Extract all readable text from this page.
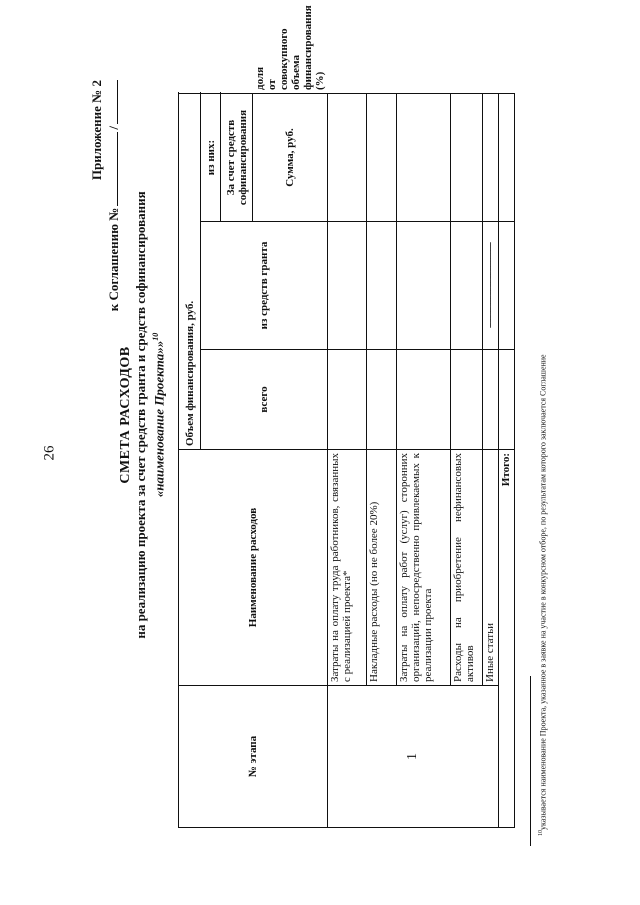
26	СМЕТА РАСХОДОВ на реализацию проекта за счет средств гранта и средств софинансирования «наименование Проекта»»$^{10}$
Приложение № 2
к Соглашению №/
№ этапа	Наименование расходов	Объем финансирования, руб.			
		всего	из средств гранта	из них:	
				За счет средств софинансирования	
				Сумма, руб.	доля от совокупного объема финансирования (%)
1	Затраты на оплату труда работников, связанных с реализацией проекта*				
	Накладные расходы (но не более 20%)				
	Затраты на оплату работ (услуг) сторонних организаций, непосредственно привлекаемых к реализации проекта				
	Расходы на приобретение нефинансовых активов				
	Иные статьи		--------------------------------		
Итого:					
$^{10}$указывается наименование Проекта, указанное в заявке на участие в конкурсном отборе, по результатам которого заключается Соглашение
